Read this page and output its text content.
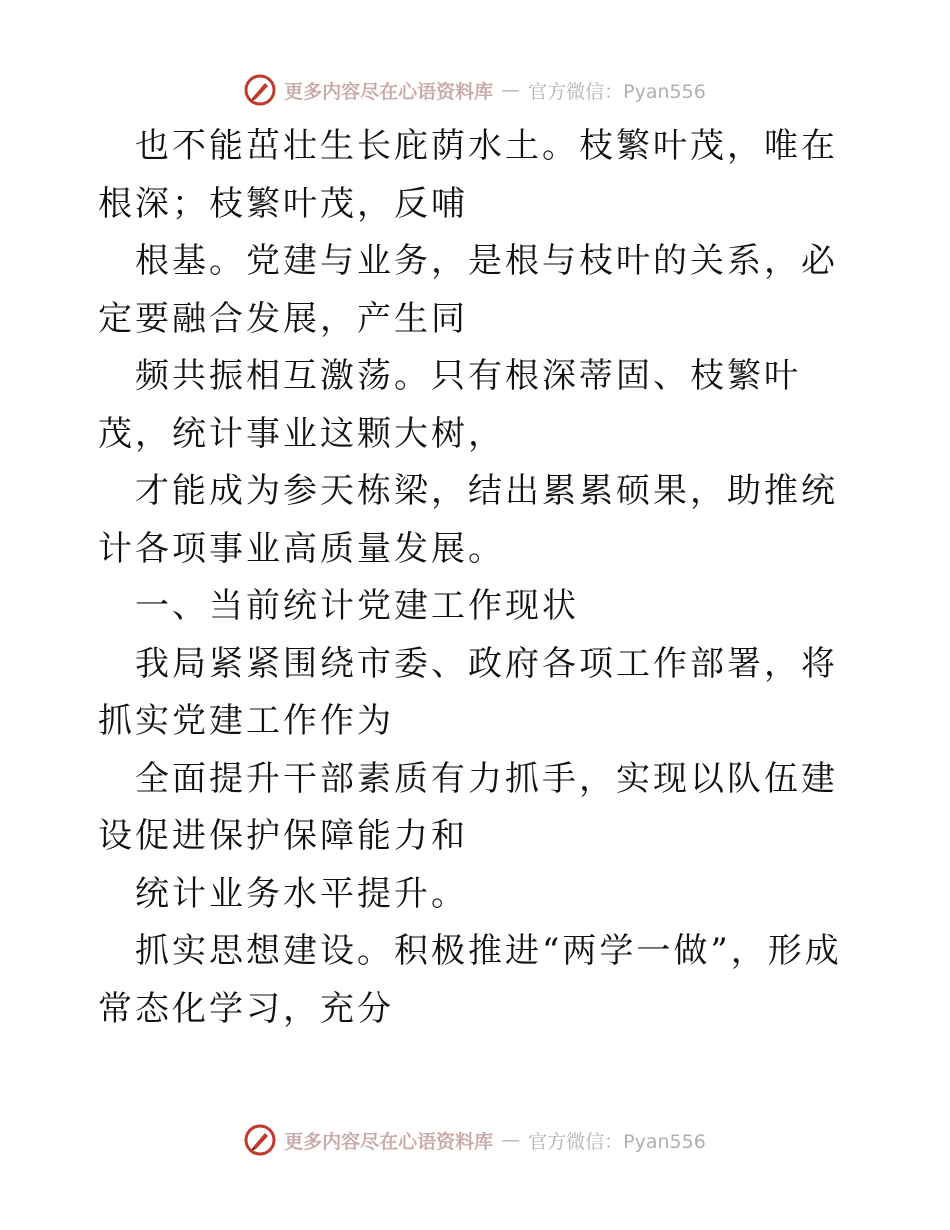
更多内容尽在心语资料库 — 官方微信：Pyan556

也不能茁壮生长庇荫水土。枝繁叶茂，唯在根深；枝繁叶茂，反哺

根基。党建与业务，是根与枝叶的关系，必定要融合发展，产生同

频共振相互激荡。只有根深蒂固、枝繁叶茂，统计事业这颗大树，

才能成为参天栋梁，结出累累硕果，助推统计各项事业高质量发展。

一、当前统计党建工作现状

我局紧紧围绕市委、政府各项工作部署，将抓实党建工作作为

全面提升干部素质有力抓手，实现以队伍建设促进保护保障能力和

统计业务水平提升。

抓实思想建设。积极推进“两学一做”，形成常态化学习，充分

更多内容尽在心语资料库 — 官方微信：Pyan556
